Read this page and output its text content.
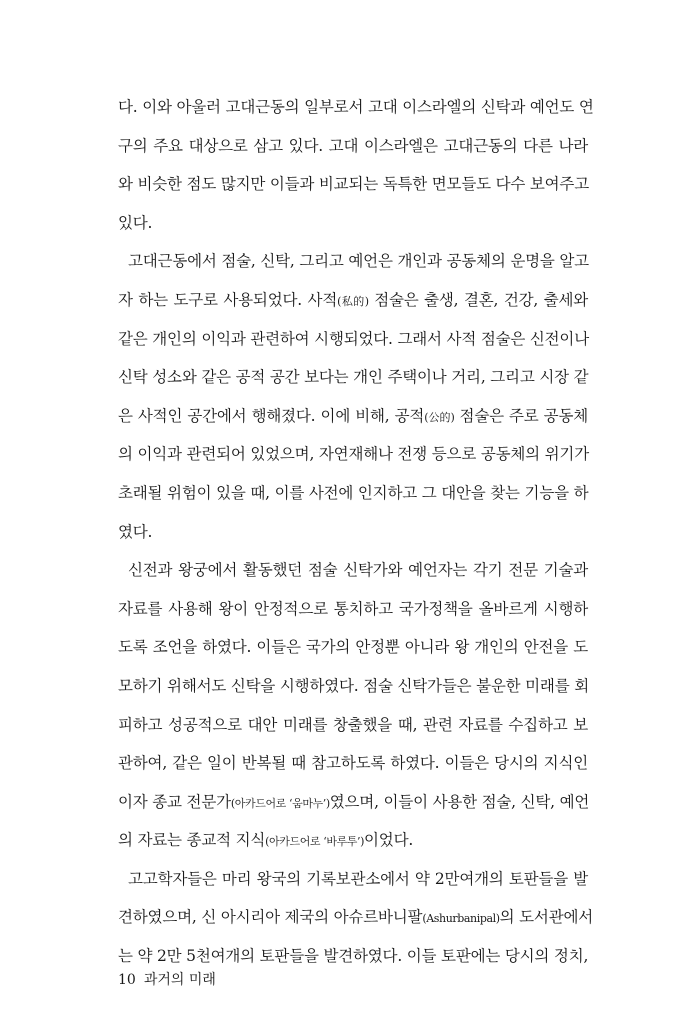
다. 이와 아울러 고대근동의 일부로서 고대 이스라엘의 신탁과 예언도 연
구의 주요 대상으로 삼고 있다. 고대 이스라엘은 고대근동의 다른 나라
와 비슷한 점도 많지만 이들과 비교되는 독특한 면모들도 다수 보여주고
있다.
고대근동에서 점술, 신탁, 그리고 예언은 개인과 공동체의 운명을 알고
자 하는 도구로 사용되었다. 사적(私的) 점술은 출생, 결혼, 건강, 출세와
같은 개인의 이익과 관련하여 시행되었다. 그래서 사적 점술은 신전이나
신탁 성소와 같은 공적 공간 보다는 개인 주택이나 거리, 그리고 시장 같
은 사적인 공간에서 행해졌다. 이에 비해, 공적(公的) 점술은 주로 공동체
의 이익과 관련되어 있었으며, 자연재해나 전쟁 등으로 공동체의 위기가
초래될 위험이 있을 때, 이를 사전에 인지하고 그 대안을 찾는 기능을 하
였다.
신전과 왕궁에서 활동했던 점술 신탁가와 예언자는 각기 전문 기술과
자료를 사용해 왕이 안정적으로 통치하고 국가정책을 올바르게 시행하
도록 조언을 하였다. 이들은 국가의 안정뿐 아니라 왕 개인의 안전을 도
모하기 위해서도 신탁을 시행하였다. 점술 신탁가들은 불운한 미래를 회
피하고 성공적으로 대안 미래를 창출했을 때, 관련 자료를 수집하고 보
관하여, 같은 일이 반복될 때 참고하도록 하였다. 이들은 당시의 지식인
이자 종교 전문가(아카드어로 ‘움마누’)였으며, 이들이 사용한 점술, 신탁, 예언
의 자료는 종교적 지식(아카드어로 ‘바루투’)이었다.
고고학자들은 마리 왕국의 기록보관소에서 약 2만여개의 토판들을 발
견하였으며, 신 아시리아 제국의 아슈르바니팔(Ashurbanipal)의 도서관에서
는 약 2만 5천여개의 토판들을 발견하였다. 이들 토판에는 당시의 정치,
10 과거의 미래
